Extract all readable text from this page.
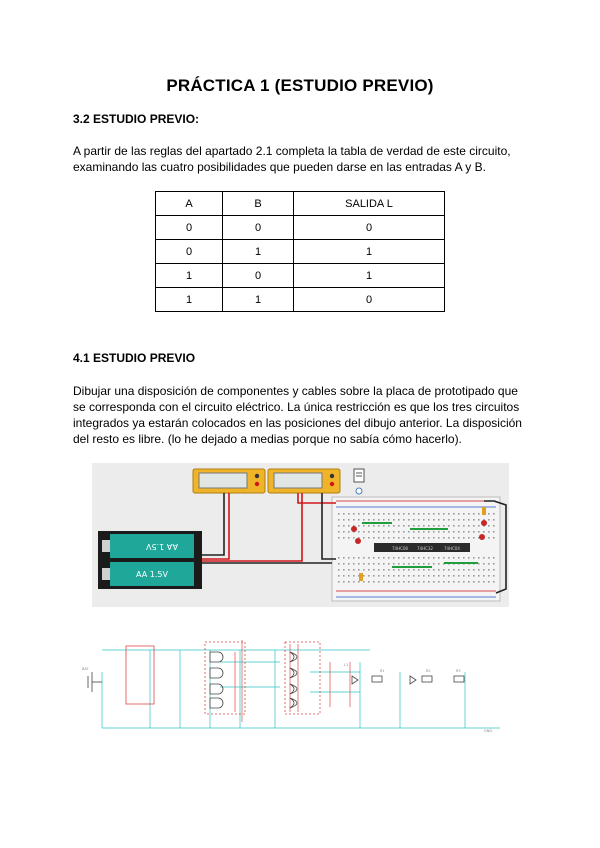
PRÁCTICA 1 (ESTUDIO PREVIO)
3.2 ESTUDIO PREVIO:
A partir de las reglas del apartado 2.1 completa la tabla de verdad de este circuito,
examinando las cuatro posibilidades que pueden darse en las entradas A y B.
A	B	SALIDA L
0	0	0
0	1	1
1	0	1
1	1	0
4.1 ESTUDIO PREVIO
Dibujar una disposición de componentes y cables sobre la placa de prototipado que
se corresponda con el circuito eléctrico. La única restricción es que los tres circuitos
integrados ya estarán colocados en las posiciones del dibujo anterior. La disposición
del resto es libre. (lo he dejado a medias porque no sabía cómo hacerlo).
74HC08 74HC32	74HC04
AA 1.5V
AA 1.5V
BAT
L1
R1	R2	R3
GND
